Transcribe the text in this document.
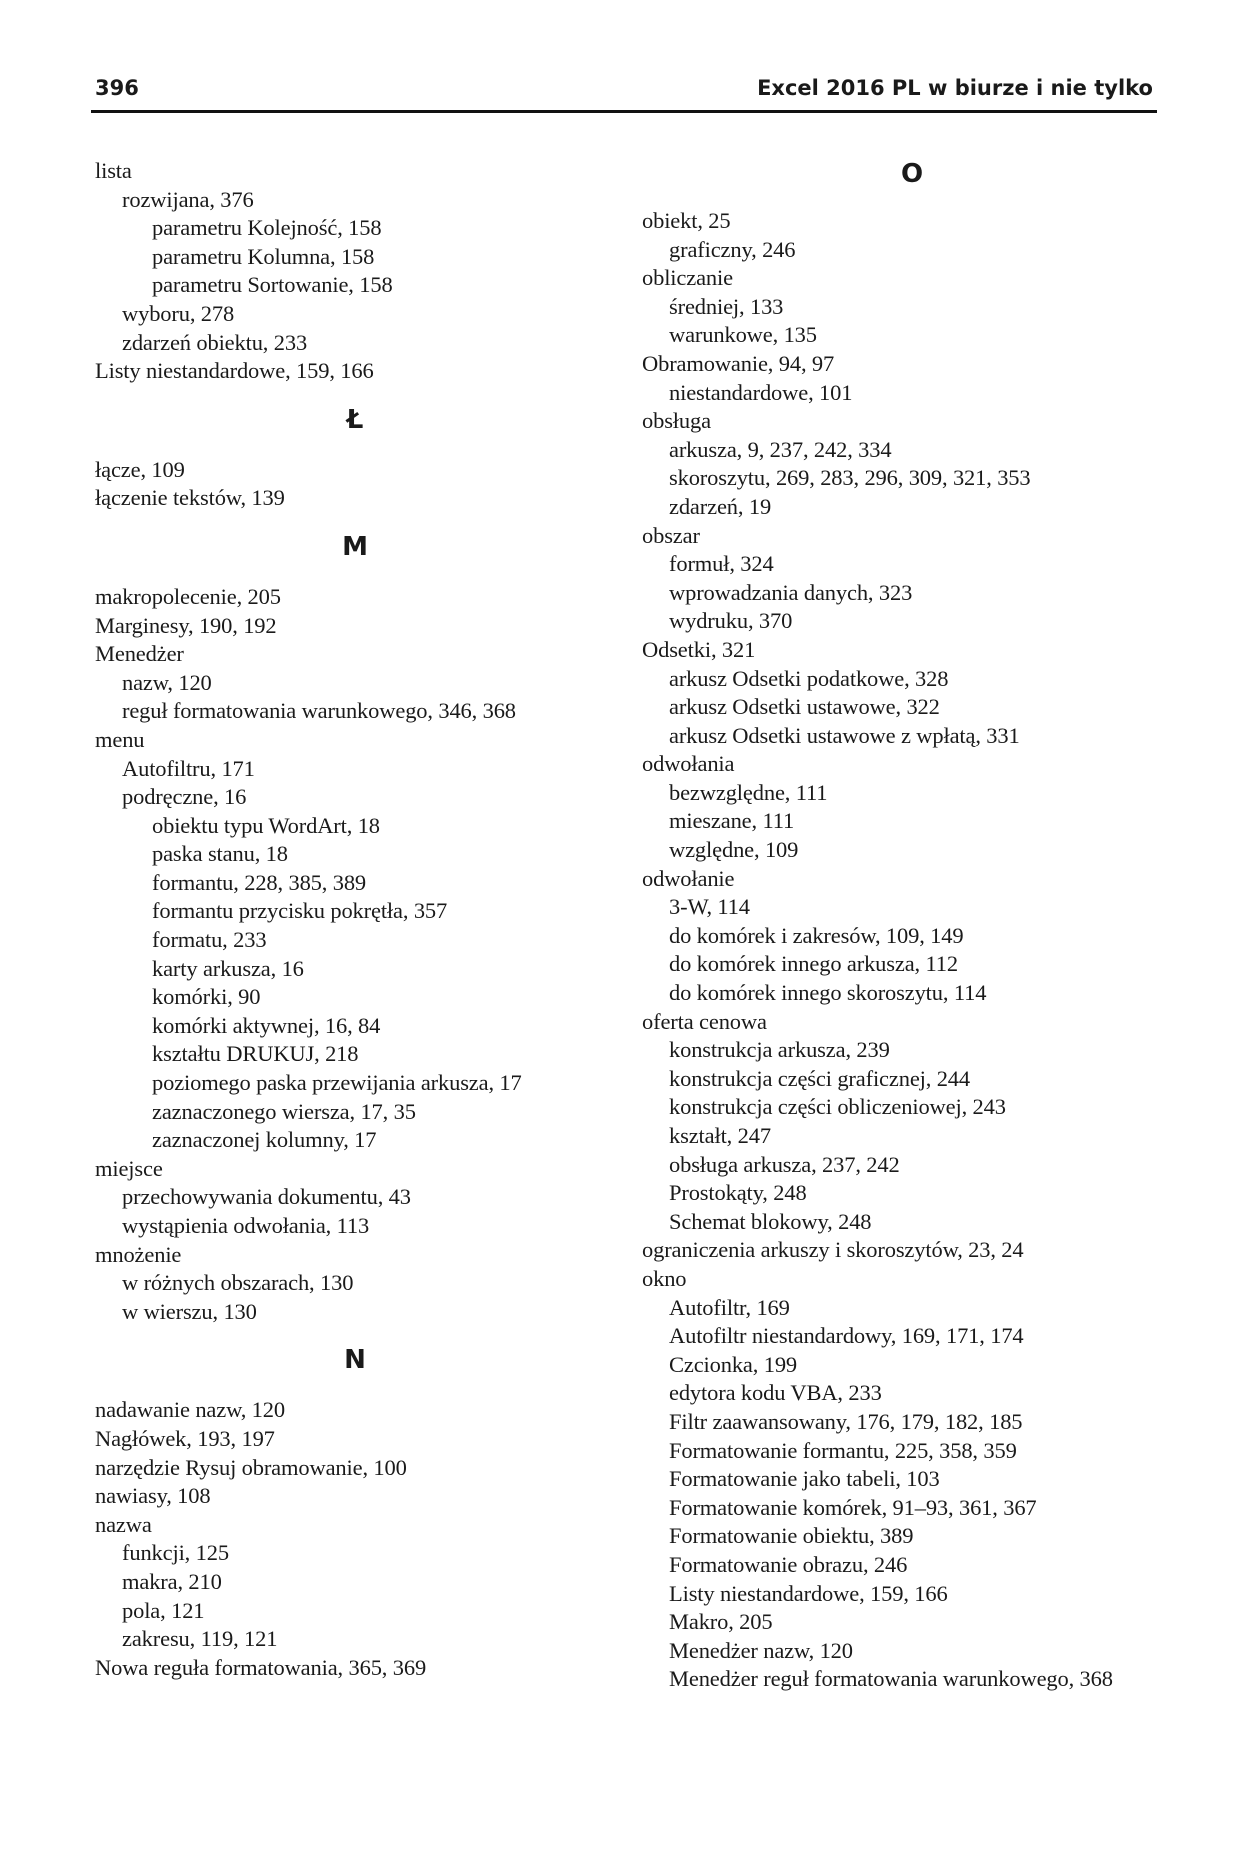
396	Excel 2016 PL w biurze i nie tylko
lista
rozwijana, 376
parametru Kolejność, 158
parametru Kolumna, 158
parametru Sortowanie, 158
wyboru, 278
zdarzeń obiektu, 233
Listy niestandardowe, 159, 166
Ł
łącze, 109
łączenie tekstów, 139
M
makropolecenie, 205
Marginesy, 190, 192
Menedżer
nazw, 120
reguł formatowania warunkowego, 346, 368
menu
Autofiltru, 171
podręczne, 16
obiektu typu WordArt, 18
paska stanu, 18
formantu, 228, 385, 389
formantu przycisku pokrętła, 357
formatu, 233
karty arkusza, 16
komórki, 90
komórki aktywnej, 16, 84
kształtu DRUKUJ, 218
poziomego paska przewijania arkusza, 17
zaznaczonego wiersza, 17, 35
zaznaczonej kolumny, 17
miejsce
przechowywania dokumentu, 43
wystąpienia odwołania, 113
mnożenie
w różnych obszarach, 130
w wierszu, 130
N
nadawanie nazw, 120
Nagłówek, 193, 197
narzędzie Rysuj obramowanie, 100
nawiasy, 108
nazwa
funkcji, 125
makra, 210
pola, 121
zakresu, 119, 121
Nowa reguła formatowania, 365, 369
O
obiekt, 25
graficzny, 246
obliczanie
średniej, 133
warunkowe, 135
Obramowanie, 94, 97
niestandardowe, 101
obsługa
arkusza, 9, 237, 242, 334
skoroszytu, 269, 283, 296, 309, 321, 353
zdarzeń, 19
obszar
formuł, 324
wprowadzania danych, 323
wydruku, 370
Odsetki, 321
arkusz Odsetki podatkowe, 328
arkusz Odsetki ustawowe, 322
arkusz Odsetki ustawowe z wpłatą, 331
odwołania
bezwzględne, 111
mieszane, 111
względne, 109
odwołanie
3-W, 114
do komórek i zakresów, 109, 149
do komórek innego arkusza, 112
do komórek innego skoroszytu, 114
oferta cenowa
konstrukcja arkusza, 239
konstrukcja części graficznej, 244
konstrukcja części obliczeniowej, 243
kształt, 247
obsługa arkusza, 237, 242
Prostokąty, 248
Schemat blokowy, 248
ograniczenia arkuszy i skoroszytów, 23, 24
okno
Autofiltr, 169
Autofiltr niestandardowy, 169, 171, 174
Czcionka, 199
edytora kodu VBA, 233
Filtr zaawansowany, 176, 179, 182, 185
Formatowanie formantu, 225, 358, 359
Formatowanie jako tabeli, 103
Formatowanie komórek, 91–93, 361, 367
Formatowanie obiektu, 389
Formatowanie obrazu, 246
Listy niestandardowe, 159, 166
Makro, 205
Menedżer nazw, 120
Menedżer reguł formatowania warunkowego, 368
